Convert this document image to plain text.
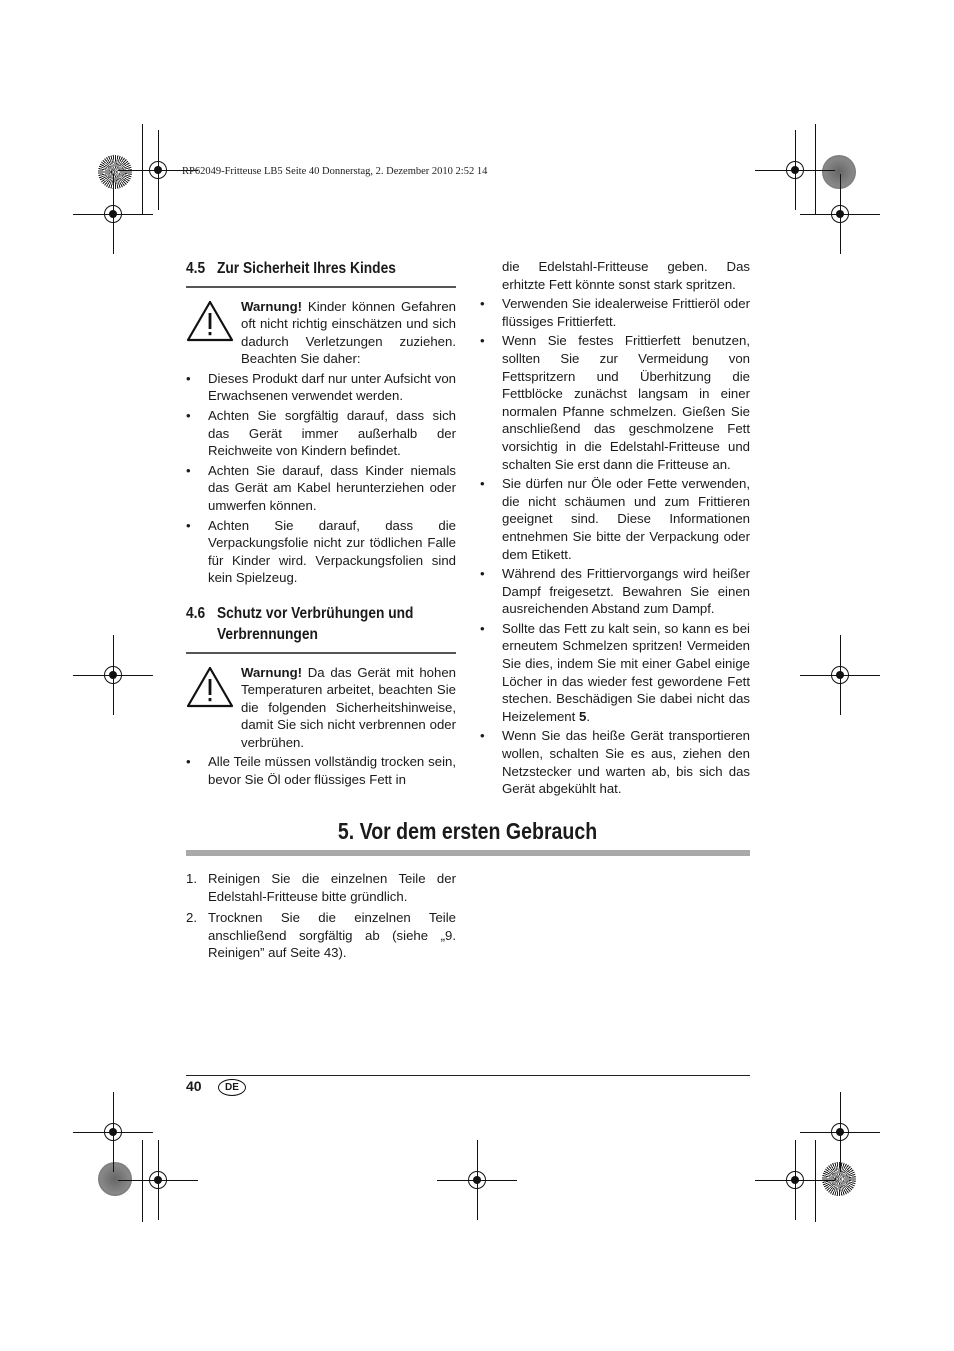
RP62049-Fritteuse LB5 Seite 40 Donnerstag, 2. Dezember 2010 2:52 14
4.5 Zur Sicherheit Ihres Kindes
Warnung! Kinder können Gefahren oft nicht richtig einschätzen und sich dadurch Verletzungen zuziehen. Beachten Sie daher:
• Dieses Produkt darf nur unter Aufsicht von Erwachsenen verwendet werden.
• Achten Sie sorgfältig darauf, dass sich das Gerät immer außerhalb der Reichweite von Kindern befindet.
• Achten Sie darauf, dass Kinder niemals das Gerät am Kabel herunterziehen oder umwerfen können.
• Achten Sie darauf, dass die Verpackungsfolie nicht zur tödlichen Falle für Kinder wird. Verpackungsfolien sind kein Spielzeug.
4.6 Schutz vor Verbrühungen und
Verbrennungen
Warnung! Da das Gerät mit hohen Temperaturen arbeitet, beachten Sie die folgenden Sicherheitshinweise, damit Sie sich nicht verbrennen oder verbrühen.
• Alle Teile müssen vollständig trocken sein, bevor Sie Öl oder flüssiges Fett in
die Edelstahl-Fritteuse geben. Das erhitzte Fett könnte sonst stark spritzen.
• Verwenden Sie idealerweise Frittieröl oder flüssiges Frittierfett.
• Wenn Sie festes Frittierfett benutzen, sollten Sie zur Vermeidung von Fettspritzern und Überhitzung die Fettblöcke zunächst langsam in einer normalen Pfanne schmelzen. Gießen Sie anschließend das geschmolzene Fett vorsichtig in die Edelstahl-Fritteuse und schalten Sie erst dann die Fritteuse an.
• Sie dürfen nur Öle oder Fette verwenden, die nicht schäumen und zum Frittieren geeignet sind. Diese Informationen entnehmen Sie bitte der Verpackung oder dem Etikett.
• Während des Frittiervorgangs wird heißer Dampf freigesetzt. Bewahren Sie einen ausreichenden Abstand zum Dampf.
• Sollte das Fett zu kalt sein, so kann es bei erneutem Schmelzen spritzen! Vermeiden Sie dies, indem Sie mit einer Gabel einige Löcher in das wieder fest gewordene Fett stechen. Beschädigen Sie dabei nicht das Heizelement 5.
• Wenn Sie das heiße Gerät transportieren wollen, schalten Sie es aus, ziehen den Netzstecker und warten ab, bis sich das Gerät abgekühlt hat.
5. Vor dem ersten Gebrauch
1. Reinigen Sie die einzelnen Teile der Edelstahl-Fritteuse bitte gründlich.
2. Trocknen Sie die einzelnen Teile anschließend sorgfältig ab (siehe „9. Reinigen” auf Seite 43).
40	DE
